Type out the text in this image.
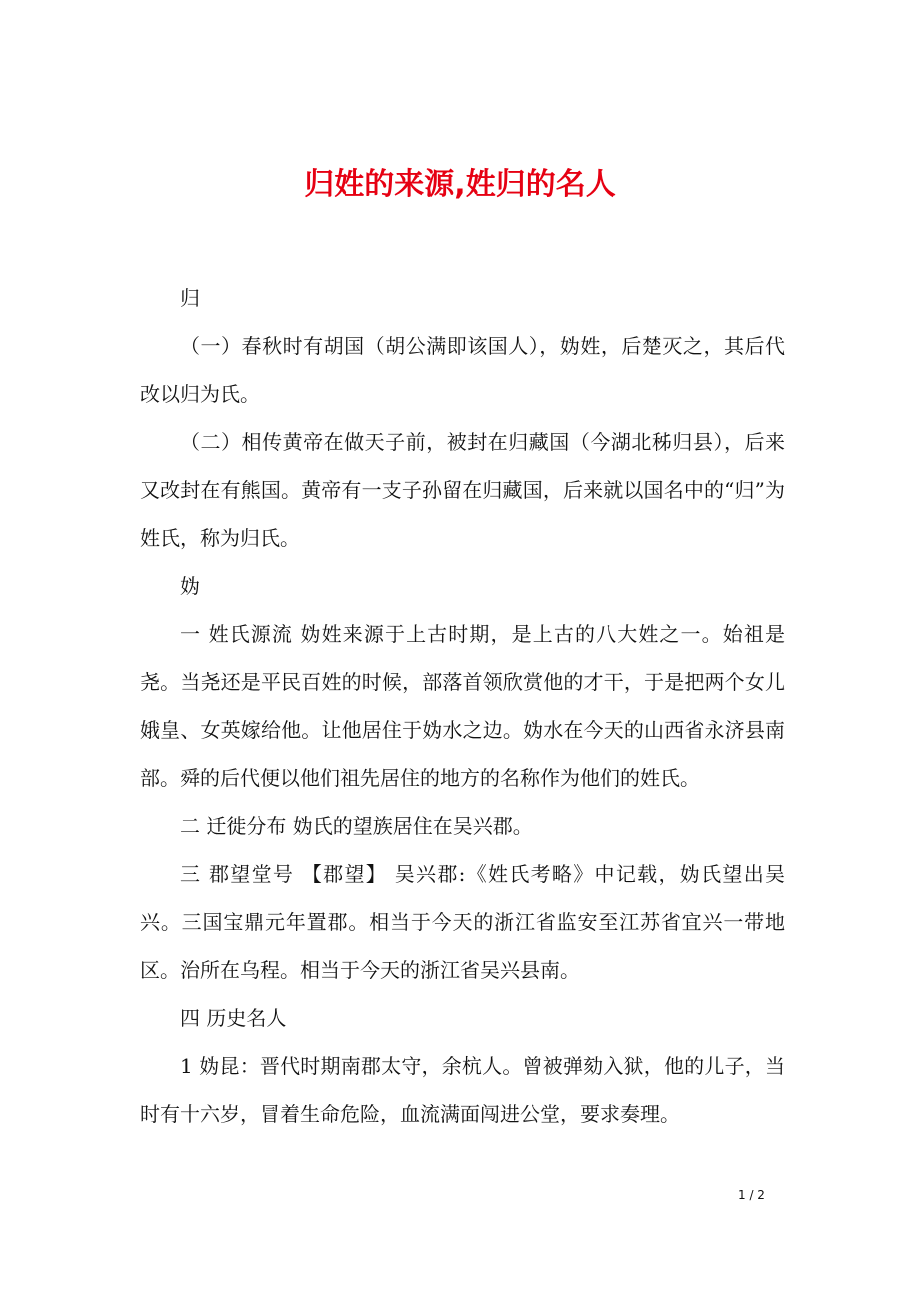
归姓的来源,姓归的名人

归

（一）春秋时有胡国（胡公满即该国人），妫姓，后楚灭之，其后代改以归为氏。

（二）相传黄帝在做天子前，被封在归藏国（今湖北秭归县），后来又改封在有熊国。黄帝有一支子孙留在归藏国，后来就以国名中的“归”为姓氏，称为归氏。

妫

一 姓氏源流 妫姓来源于上古时期，是上古的八大姓之一。始祖是尧。当尧还是平民百姓的时候，部落首领欣赏他的才干，于是把两个女儿娥皇、女英嫁给他。让他居住于妫水之边。妫水在今天的山西省永济县南部。舜的后代便以他们祖先居住的地方的名称作为他们的姓氏。

二 迁徙分布 妫氏的望族居住在吴兴郡。

三 郡望堂号 【郡望】 吴兴郡:《姓氏考略》中记载，妫氏望出吴兴。三国宝鼎元年置郡。相当于今天的浙江省监安至江苏省宜兴一带地区。治所在乌程。相当于今天的浙江省吴兴县南。

四 历史名人

1 妫昆：晋代时期南郡太守，余杭人。曾被弹劾入狱，他的儿子，当时有十六岁，冒着生命危险，血流满面闯进公堂，要求奏理。

1 / 2
